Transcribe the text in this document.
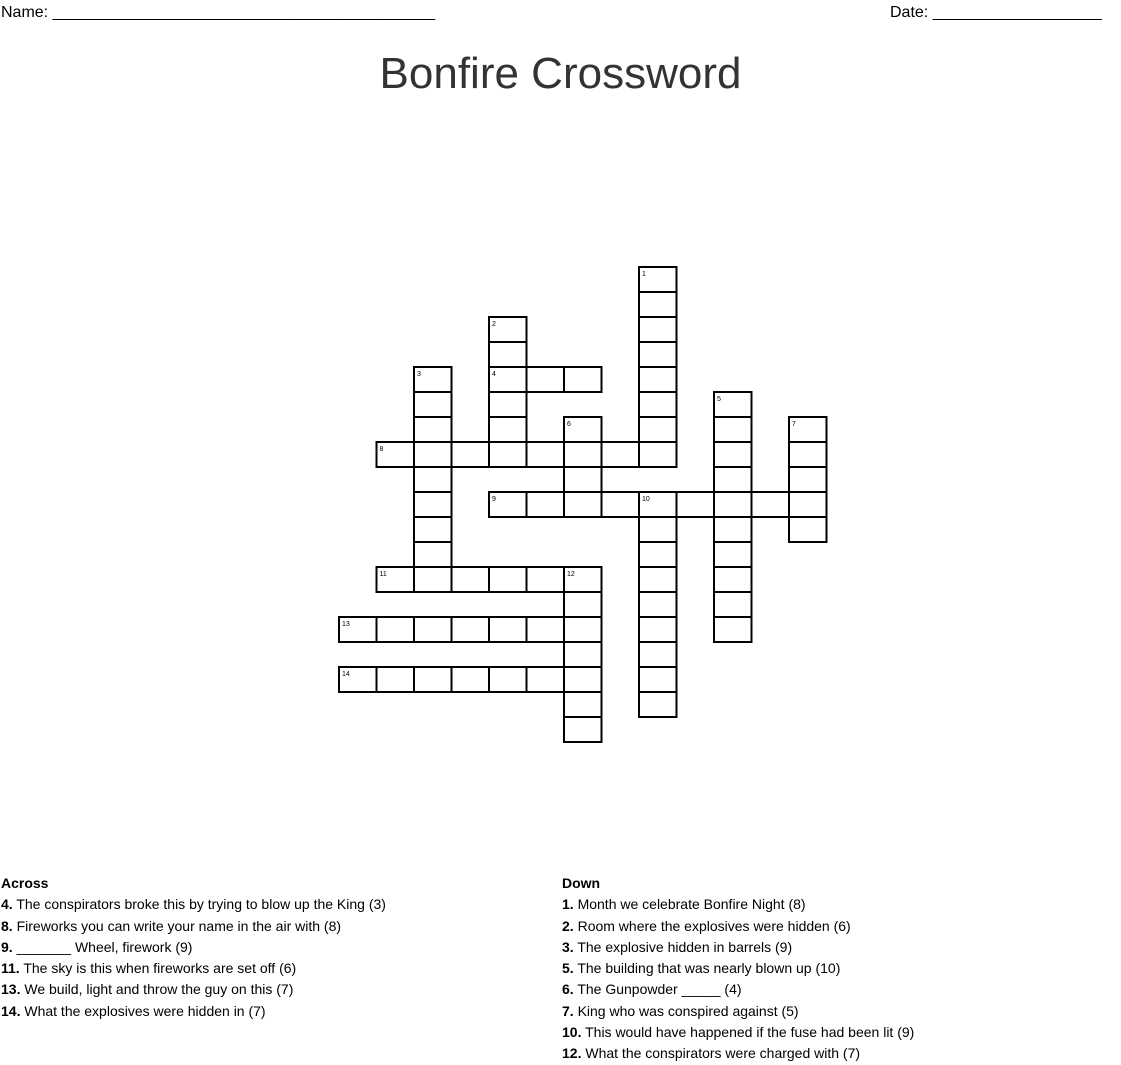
Name: ___________________________________________	Date: ___________________
Bonfire Crossword
1
2
3	4
5
6	7
8
9	10
11	12
13
14
Across
4. The conspirators broke this by trying to blow up the King (3)
8. Fireworks you can write your name in the air with (8)
9. _______ Wheel, firework (9)
11. The sky is this when fireworks are set off (6)
13. We build, light and throw the guy on this (7)
14. What the explosives were hidden in (7)
Down
1. Month we celebrate Bonfire Night (8)
2. Room where the explosives were hidden (6)
3. The explosive hidden in barrels (9)
5. The building that was nearly blown up (10)
6. The Gunpowder _____ (4)
7. King who was conspired against (5)
10. This would have happened if the fuse had been lit (9)
12. What the conspirators were charged with (7)
